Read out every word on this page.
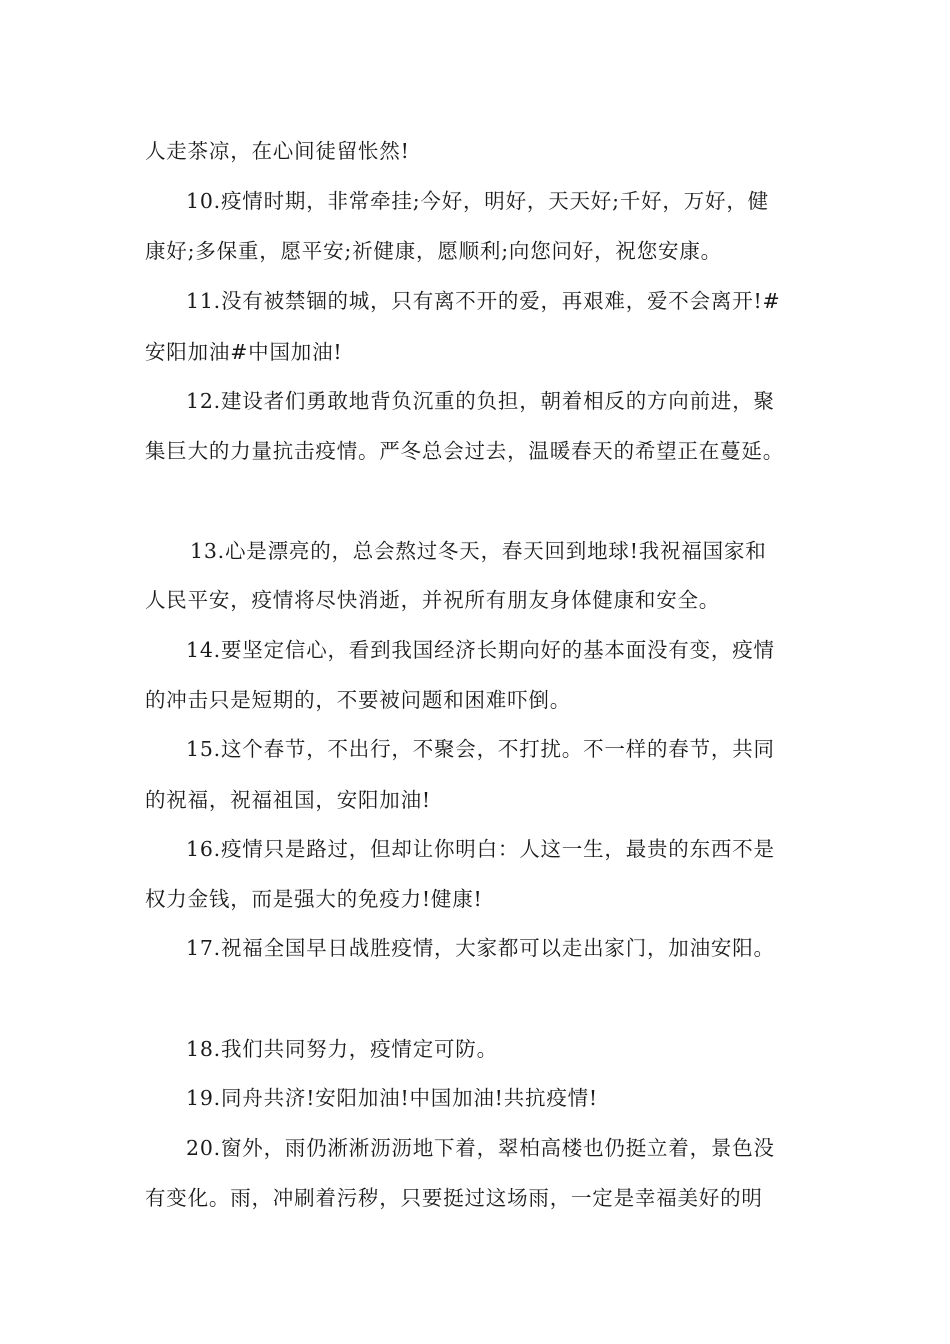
人走茶凉，在心间徒留怅然!
10.疫情时期，非常牵挂;今好，明好，天天好;千好，万好，健
康好;多保重，愿平安;祈健康，愿顺利;向您问好，祝您安康。
11.没有被禁锢的城，只有离不开的爱，再艰难，爱不会离开!#
安阳加油#中国加油!
12.建设者们勇敢地背负沉重的负担，朝着相反的方向前进，聚
集巨大的力量抗击疫情。严冬总会过去，温暖春天的希望正在蔓延。
13.心是漂亮的，总会熬过冬天，春天回到地球!我祝福国家和
人民平安，疫情将尽快消逝，并祝所有朋友身体健康和安全。
14.要坚定信心，看到我国经济长期向好的基本面没有变，疫情
的冲击只是短期的，不要被问题和困难吓倒。
15.这个春节，不出行，不聚会，不打扰。不一样的春节，共同
的祝福，祝福祖国，安阳加油!
16.疫情只是路过，但却让你明白：人这一生，最贵的东西不是
权力金钱，而是强大的免疫力!健康!
17.祝福全国早日战胜疫情，大家都可以走出家门，加油安阳。
18.我们共同努力，疫情定可防。
19.同舟共济!安阳加油!中国加油!共抗疫情!
20.窗外，雨仍淅淅沥沥地下着，翠柏高楼也仍挺立着，景色没
有变化。雨，冲刷着污秽，只要挺过这场雨，一定是幸福美好的明
